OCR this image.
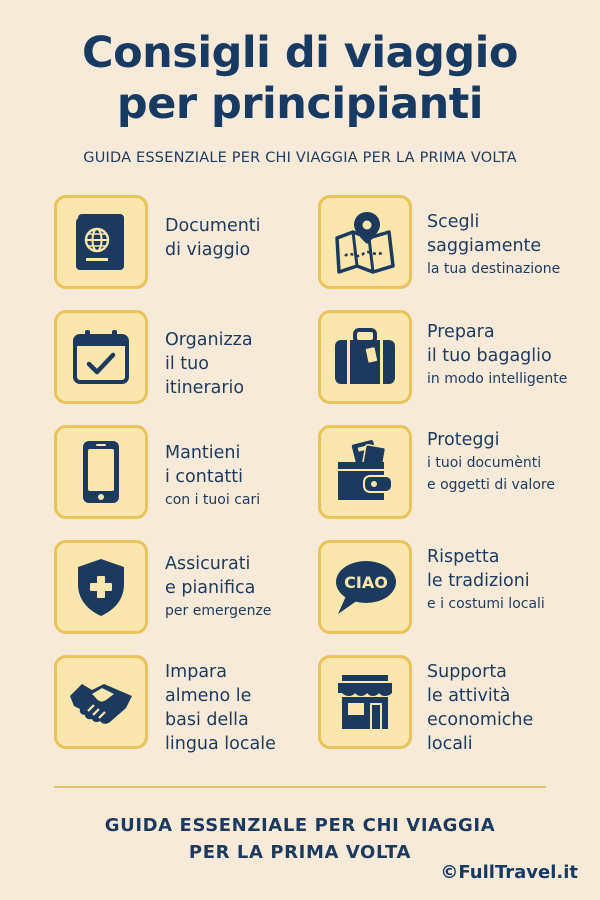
Consigli di viaggio
per principianti
GUIDA ESSENZIALE PER CHI VIAGGIA PER LA PRIMA VOLTA
Documenti
di viaggio
Organizza
il tuo
itinerario
Mantieni
i contatti
con i tuoi cari
Assicurati
e pianifica
per emergenze
Impara
almeno le
basi della
lingua locale
Scegli
saggiamente
la tua destinazione
Prepara
il tuo bagaglio
in modo intelligente
Proteggi
i tuoi documènti
e oggetti di valore
CIAO
Rispetta
le tradizioni
e i costumi locali
Supporta
le attività
economiche
locali
GUIDA ESSENZIALE PER CHI VIAGGIA
PER LA PRIMA VOLTA
©FullTravel.it
